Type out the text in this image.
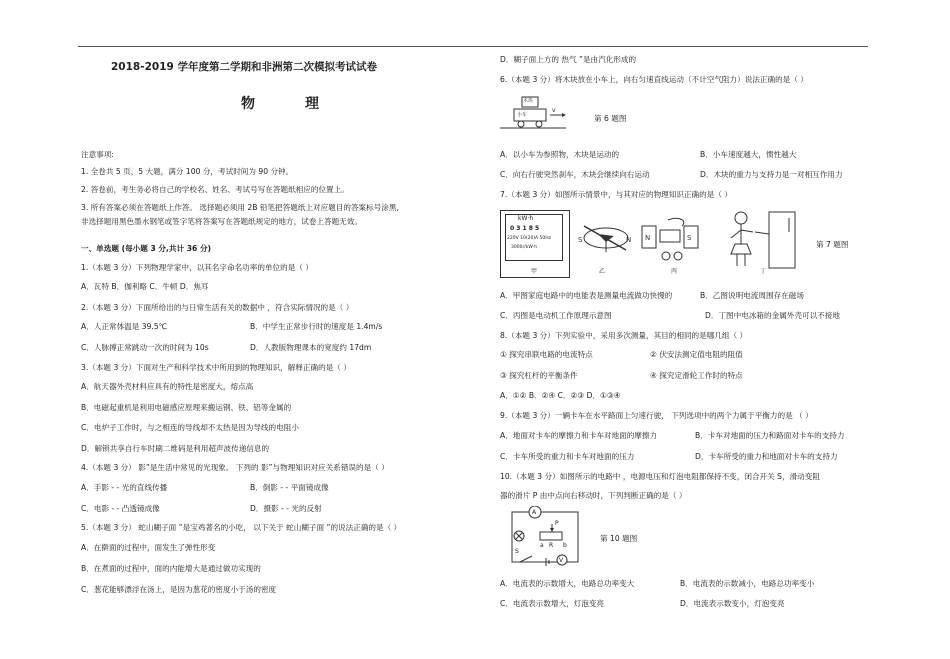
2018-2019 学年度第二学期和非洲第二次模拟考试试卷
物　理
注意事项:
1. 全卷共 5 页，5 大题，满分 100 分，考试时间为 90 分钟。
2. 答卷前，考生务必将自己的学校名、姓名、考试号写在答题纸相应的位置上。
3. 所有答案必须在答题纸上作答。 选择题必须用 2B 铅笔把答题纸上对应题目的答案标号涂黑,
非选择题用黑色墨水钢笔或签字笔将答案写在答题纸规定的地方，试卷上答题无效。
一、单选题 (每小题 3 分,共计 36 分)
1.（本题 3 分）下列物理学家中，以其名字命名功率的单位的是（ ）
A．瓦特 B．伽利略 C．牛顿 D．焦耳
2.（本题 3 分）下面所给出的与日常生活有关的数据中 ，符合实际情况的是（ ）
A．人正常体温是 39.5℃	B．中学生正常步行时的速度是 1.4m/s
C．人脉搏正常跳动一次的时间为 10s	D．人教版物理课本的宽度约 17dm
3.（本题 3 分）下面对生产和科学技术中所用到的物理知识，解释正确的是（ ）
A．航天器外壳材料应具有的特性是密度大，熔点高
B．电磁起重机是利用电磁感应原理来搬运钢、铁、铝等金属的
C．电炉子工作时，与之相连的导线却不太热是因为导线的电阻小
D．解锁共享自行车时刷二维码是利用超声波传递信息的
4.（本题 3 分） 影”是生活中常见的光现象。 下列的 影”与物理知识对应关系错误的是（ ）
A．手影 - - 光的直线传播	B．倒影 - - 平面镜成像
C．电影 - - 凸透镜成像	D．摄影 - - 光的反射
5.（本题 3 分） 蛇山糊子面 ”是宝鸡著名的小吃， 以下关于 蛇山糊子面 ”的说法正确的是（ ）
A．在擀面的过程中，面发生了弹性形变
B．在煮面的过程中，面的内能增大是通过做功实现的
C．葱花能够漂浮在汤上，是因为葱花的密度小于汤的密度
D．糊子面上方的 热气 ”是由汽化形成的
6.（本题 3 分）将木块放在小车上，向右匀速直线运动（不计空气阻力）说法正确的是（ ）
木块
小车
v
第 6 题图
A．以小车为参照物，木块是运动的	B．小车速度越大，惯性越大
C．向右行驶突然刹车，木块会继续向右运动	D．木块的重力与支持力是一对相互作用力
7.（本题 3 分）如图所示情景中，与其对应的物理知识正确的是（ ）
kW·h
0 3 1 8 5
220V 10(20)A 50Hz
3000r/kW·h
甲
S	N
乙
N	S
丙	丁
第 7 题图
A．甲图家庭电路中的电能表是测量电流做功快慢的	B．乙图说明电流周围存在磁场
C．丙图是电动机工作原理示意图	D．丁图中电冰箱的金属外壳可以不接地
8.（本题 3 分）下列实验中，采用多次测量，其目的相同的是哪几组（ ）
① 探究串联电路的电流特点	② 伏安法测定值电阻的阻值
③ 探究杠杆的平衡条件	④ 探究定滑轮工作时的特点
A．①② B．②④ C．②③ D．①③④
9.（本题 3 分）一辆卡车在水平路面上匀速行驶， 下列选项中的两个力属于平衡力的是 （ ）
A．地面对卡车的摩擦力和卡车对地面的摩擦力	B．卡车对地面的压力和路面对卡车的支持力
C．卡车所受的重力和卡车对地面的压力	D．卡车所受的重力和地面对卡车的支持力
10.（本题 3 分）如图所示的电路中 ，电源电压和灯泡电阻都保持不变，闭合开关 S，滑动变阻
器的滑片 P 由中点向右移动时，下列判断正确的是（ ）
A
V
P
a	b
R
S
第 10 题图
A．电流表的示数增大，电路总功率变大	B．电流表的示数减小，电路总功率变小
C．电流表示数增大，灯泡变亮	D．电流表示数变小，灯泡变亮
